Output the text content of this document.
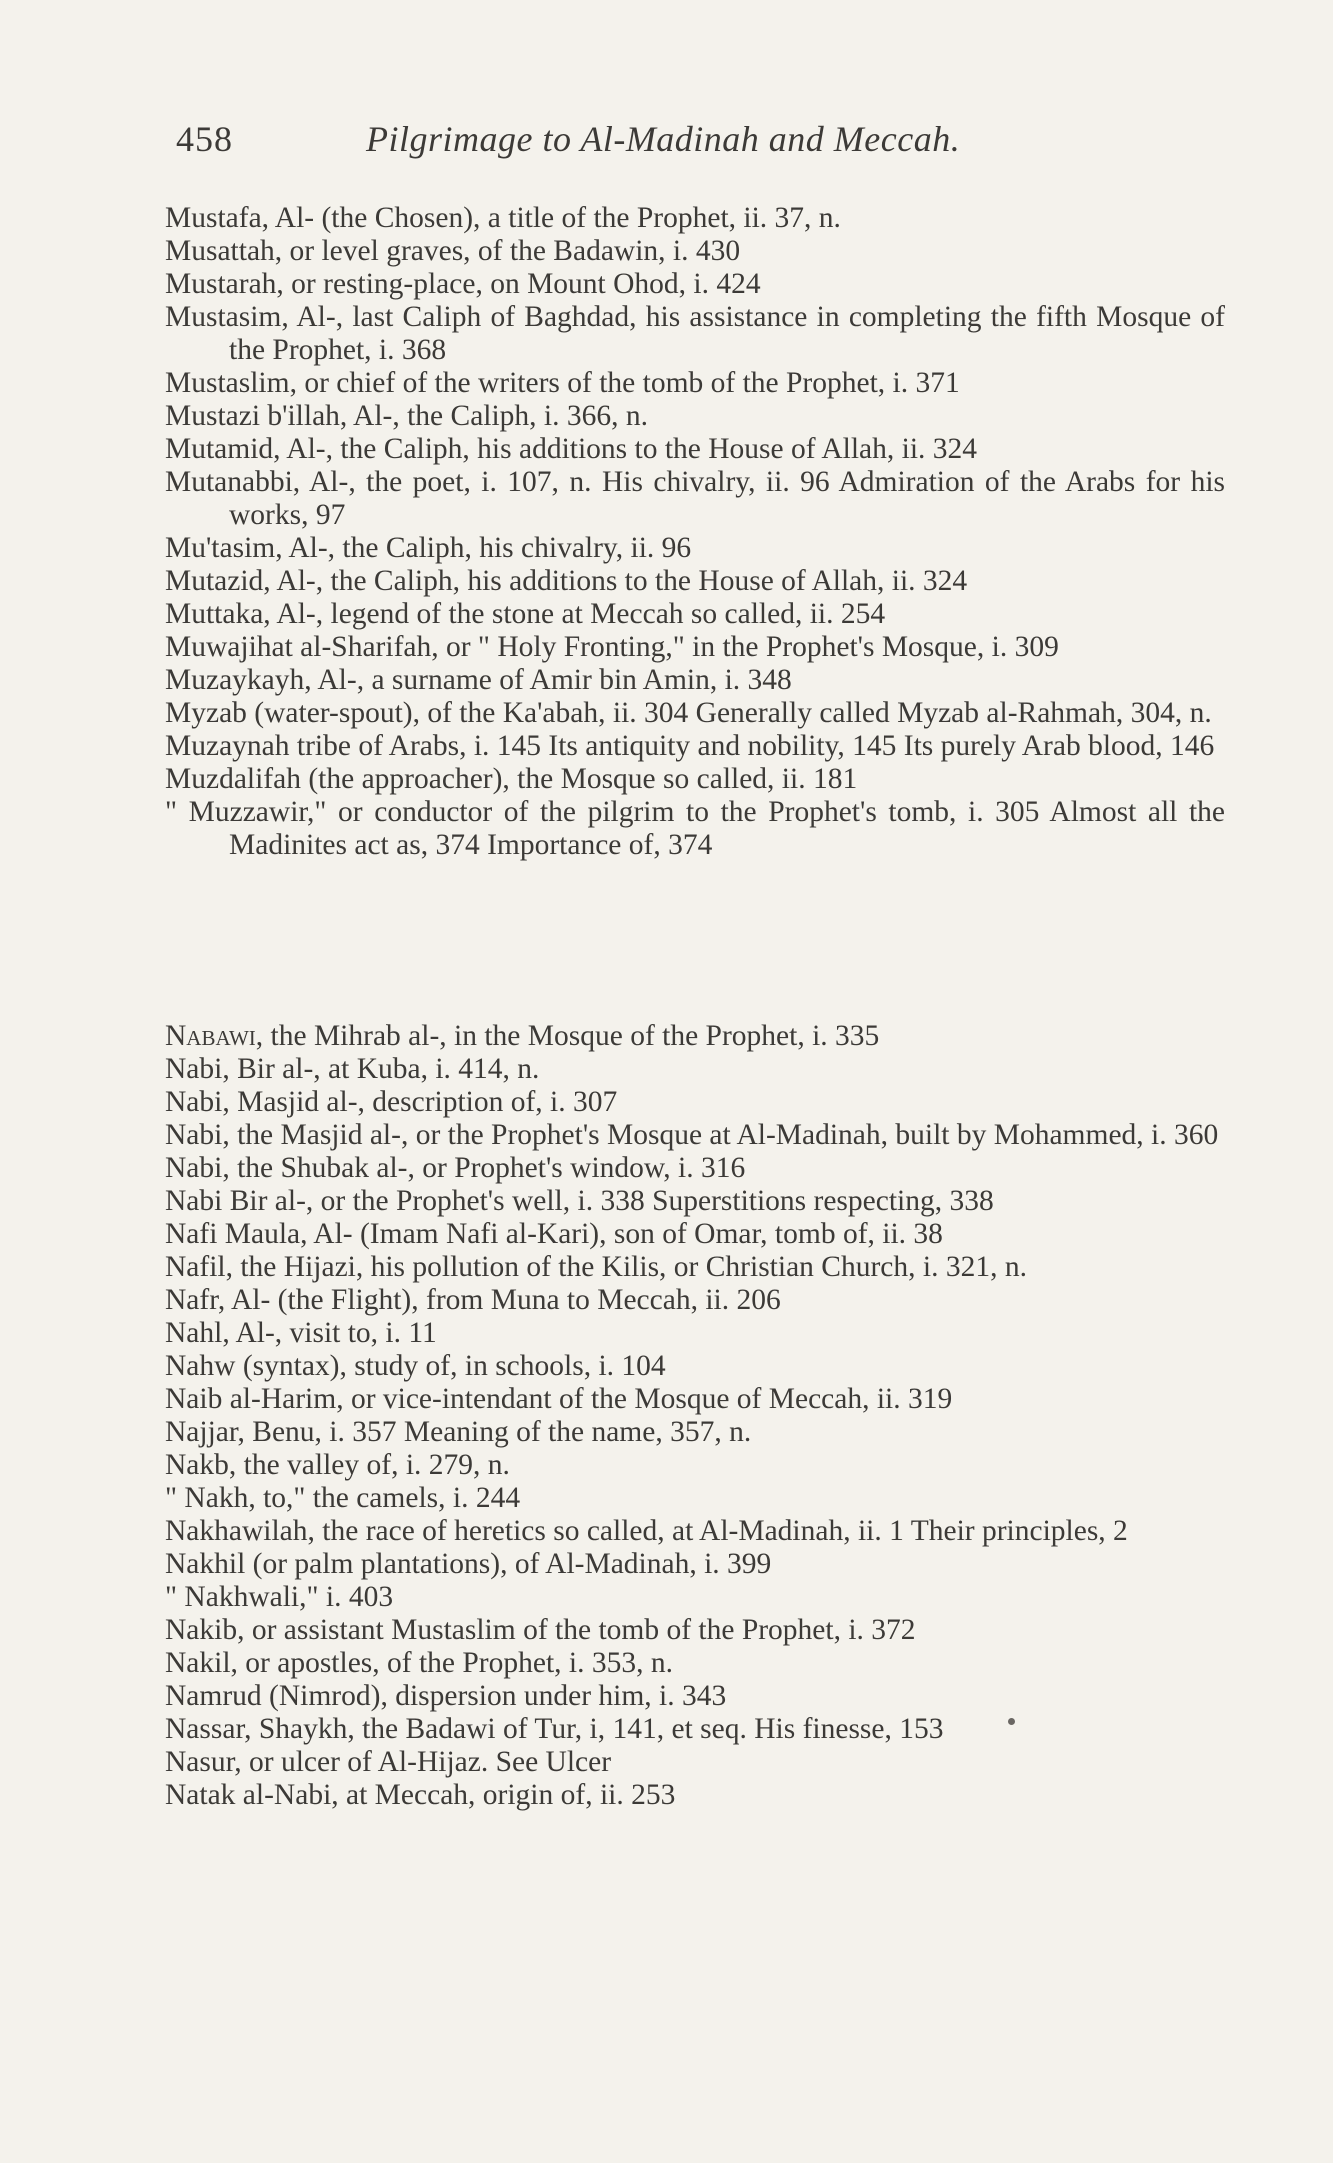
458	Pilgrimage to Al-Madinah and Meccah.
Mustafa, Al- (the Chosen), a title of the Prophet, ii. 37, n.
Musattah, or level graves, of the Badawin, i. 430
Mustarah, or resting-place, on Mount Ohod, i. 424
Mustasim, Al-, last Caliph of Baghdad, his assistance in completing the fifth Mosque of the Prophet, i. 368
Mustaslim, or chief of the writers of the tomb of the Prophet, i. 371
Mustazi b'illah, Al-, the Caliph, i. 366, n.
Mutamid, Al-, the Caliph, his additions to the House of Allah, ii. 324
Mutanabbi, Al-, the poet, i. 107, n. His chivalry, ii. 96 Admiration of the Arabs for his works, 97
Mu'tasim, Al-, the Caliph, his chivalry, ii. 96
Mutazid, Al-, the Caliph, his additions to the House of Allah, ii. 324
Muttaka, Al-, legend of the stone at Meccah so called, ii. 254
Muwajihat al-Sharifah, or " Holy Fronting," in the Prophet's Mosque, i. 309
Muzaykayh, Al-, a surname of Amir bin Amin, i. 348
Myzab (water-spout), of the Ka'abah, ii. 304 Generally called Myzab al-Rahmah, 304, n.
Muzaynah tribe of Arabs, i. 145 Its antiquity and nobility, 145 Its purely Arab blood, 146
Muzdalifah (the approacher), the Mosque so called, ii. 181
" Muzzawir," or conductor of the pilgrim to the Prophet's tomb, i. 305 Almost all the Madinites act as, 374 Importance of, 374
Nabawi, the Mihrab al-, in the Mosque of the Prophet, i. 335
Nabi, Bir al-, at Kuba, i. 414, n.
Nabi, Masjid al-, description of, i. 307
Nabi, the Masjid al-, or the Prophet's Mosque at Al-Madinah, built by Mohammed, i. 360
Nabi, the Shubak al-, or Prophet's window, i. 316
Nabi Bir al-, or the Prophet's well, i. 338 Superstitions respecting, 338
Nafi Maula, Al- (Imam Nafi al-Kari), son of Omar, tomb of, ii. 38
Nafil, the Hijazi, his pollution of the Kilis, or Christian Church, i. 321, n.
Nafr, Al- (the Flight), from Muna to Meccah, ii. 206
Nahl, Al-, visit to, i. 11
Nahw (syntax), study of, in schools, i. 104
Naib al-Harim, or vice-intendant of the Mosque of Meccah, ii. 319
Najjar, Benu, i. 357 Meaning of the name, 357, n.
Nakb, the valley of, i. 279, n.
" Nakh, to," the camels, i. 244
Nakhawilah, the race of heretics so called, at Al-Madinah, ii. 1 Their principles, 2
Nakhil (or palm plantations), of Al-Madinah, i. 399
" Nakhwali," i. 403
Nakib, or assistant Mustaslim of the tomb of the Prophet, i. 372
Nakil, or apostles, of the Prophet, i. 353, n.
Namrud (Nimrod), dispersion under him, i. 343
Nassar, Shaykh, the Badawi of Tur, i, 141, et seq. His finesse, 153
Nasur, or ulcer of Al-Hijaz. See Ulcer
Natak al-Nabi, at Meccah, origin of, ii. 253
